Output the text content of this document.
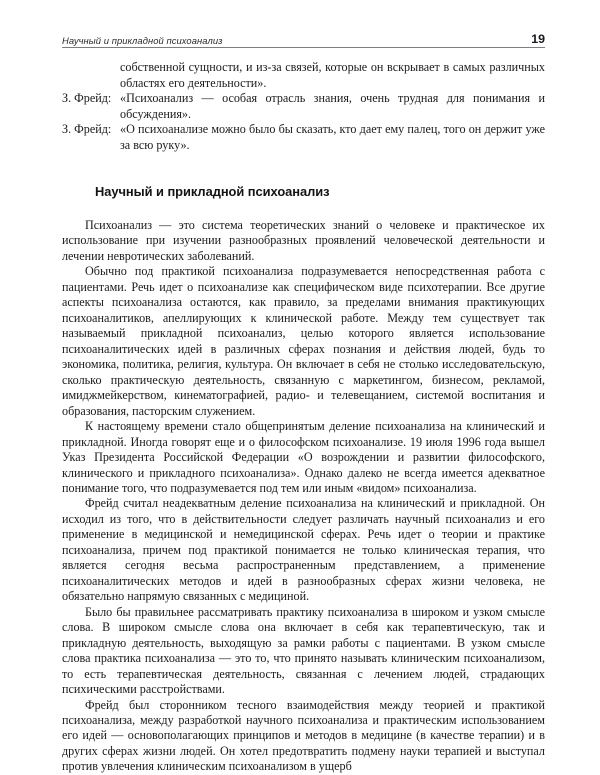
Научный и прикладной психоанализ	19

собственной сущности, и из-за связей, которые он вскрывает в самых различных областях его деятельности».

З. Фрейд: «Психоанализ — особая отрасль знания, очень трудная для понимания и обсуждения».
З. Фрейд: «О психоанализе можно было бы сказать, кто дает ему палец, того он держит уже за всю руку».
Научный и прикладной психоанализ

Психоанализ — это система теоретических знаний о человеке и практическое их использование при изучении разнообразных проявлений человеческой деятельности и лечении невротических заболеваний.

Обычно под практикой психоанализа подразумевается непосредственная работа с пациентами. Речь идет о психоанализе как специфическом виде психотерапии. Все другие аспекты психоанализа остаются, как правило, за пределами внимания практикующих психоаналитиков, апеллирующих к клинической работе. Между тем существует так называемый прикладной психоанализ, целью которого является использование психоаналитических идей в различных сферах познания и действия людей, будь то экономика, политика, религия, культура. Он включает в себя не столько исследовательскую, сколько практическую деятельность, связанную с маркетингом, бизнесом, рекламой, имиджмейкерством, кинематографией, радио- и телевещанием, системой воспитания и образования, пасторским служением.

К настоящему времени стало общепринятым деление психоанализа на клинический и прикладной. Иногда говорят еще и о философском психоанализе. 19 июля 1996 года вышел Указ Президента Российской Федерации «О возрождении и развитии философского, клинического и прикладного психоанализа». Однако далеко не всегда имеется адекватное понимание того, что подразумевается под тем или иным «видом» психоанализа.

Фрейд считал неадекватным деление психоанализа на клинический и прикладной. Он исходил из того, что в действительности следует различать научный психоанализ и его применение в медицинской и немедицинской сферах. Речь идет о теории и практике психоанализа, причем под практикой понимается не только клиническая терапия, что является сегодня весьма распространенным представлением, а применение психоаналитических методов и идей в разнообразных сферах жизни человека, не обязательно напрямую связанных с медициной.

Было бы правильнее рассматривать практику психоанализа в широком и узком смысле слова. В широком смысле слова она включает в себя как терапевтическую, так и прикладную деятельность, выходящую за рамки работы с пациентами. В узком смысле слова практика психоанализа — это то, что принято называть клиническим психоанализом, то есть терапевтическая деятельность, связанная с лечением людей, страдающих психическими расстройствами.

Фрейд был сторонником тесного взаимодействия между теорией и практикой психоанализа, между разработкой научного психоанализа и практическим использованием его идей — основополагающих принципов и методов в медицине (в качестве терапии) и в других сферах жизни людей. Он хотел предотвратить подмену науки терапией и выступал против увлечения клиническим психоанализом в ущерб
